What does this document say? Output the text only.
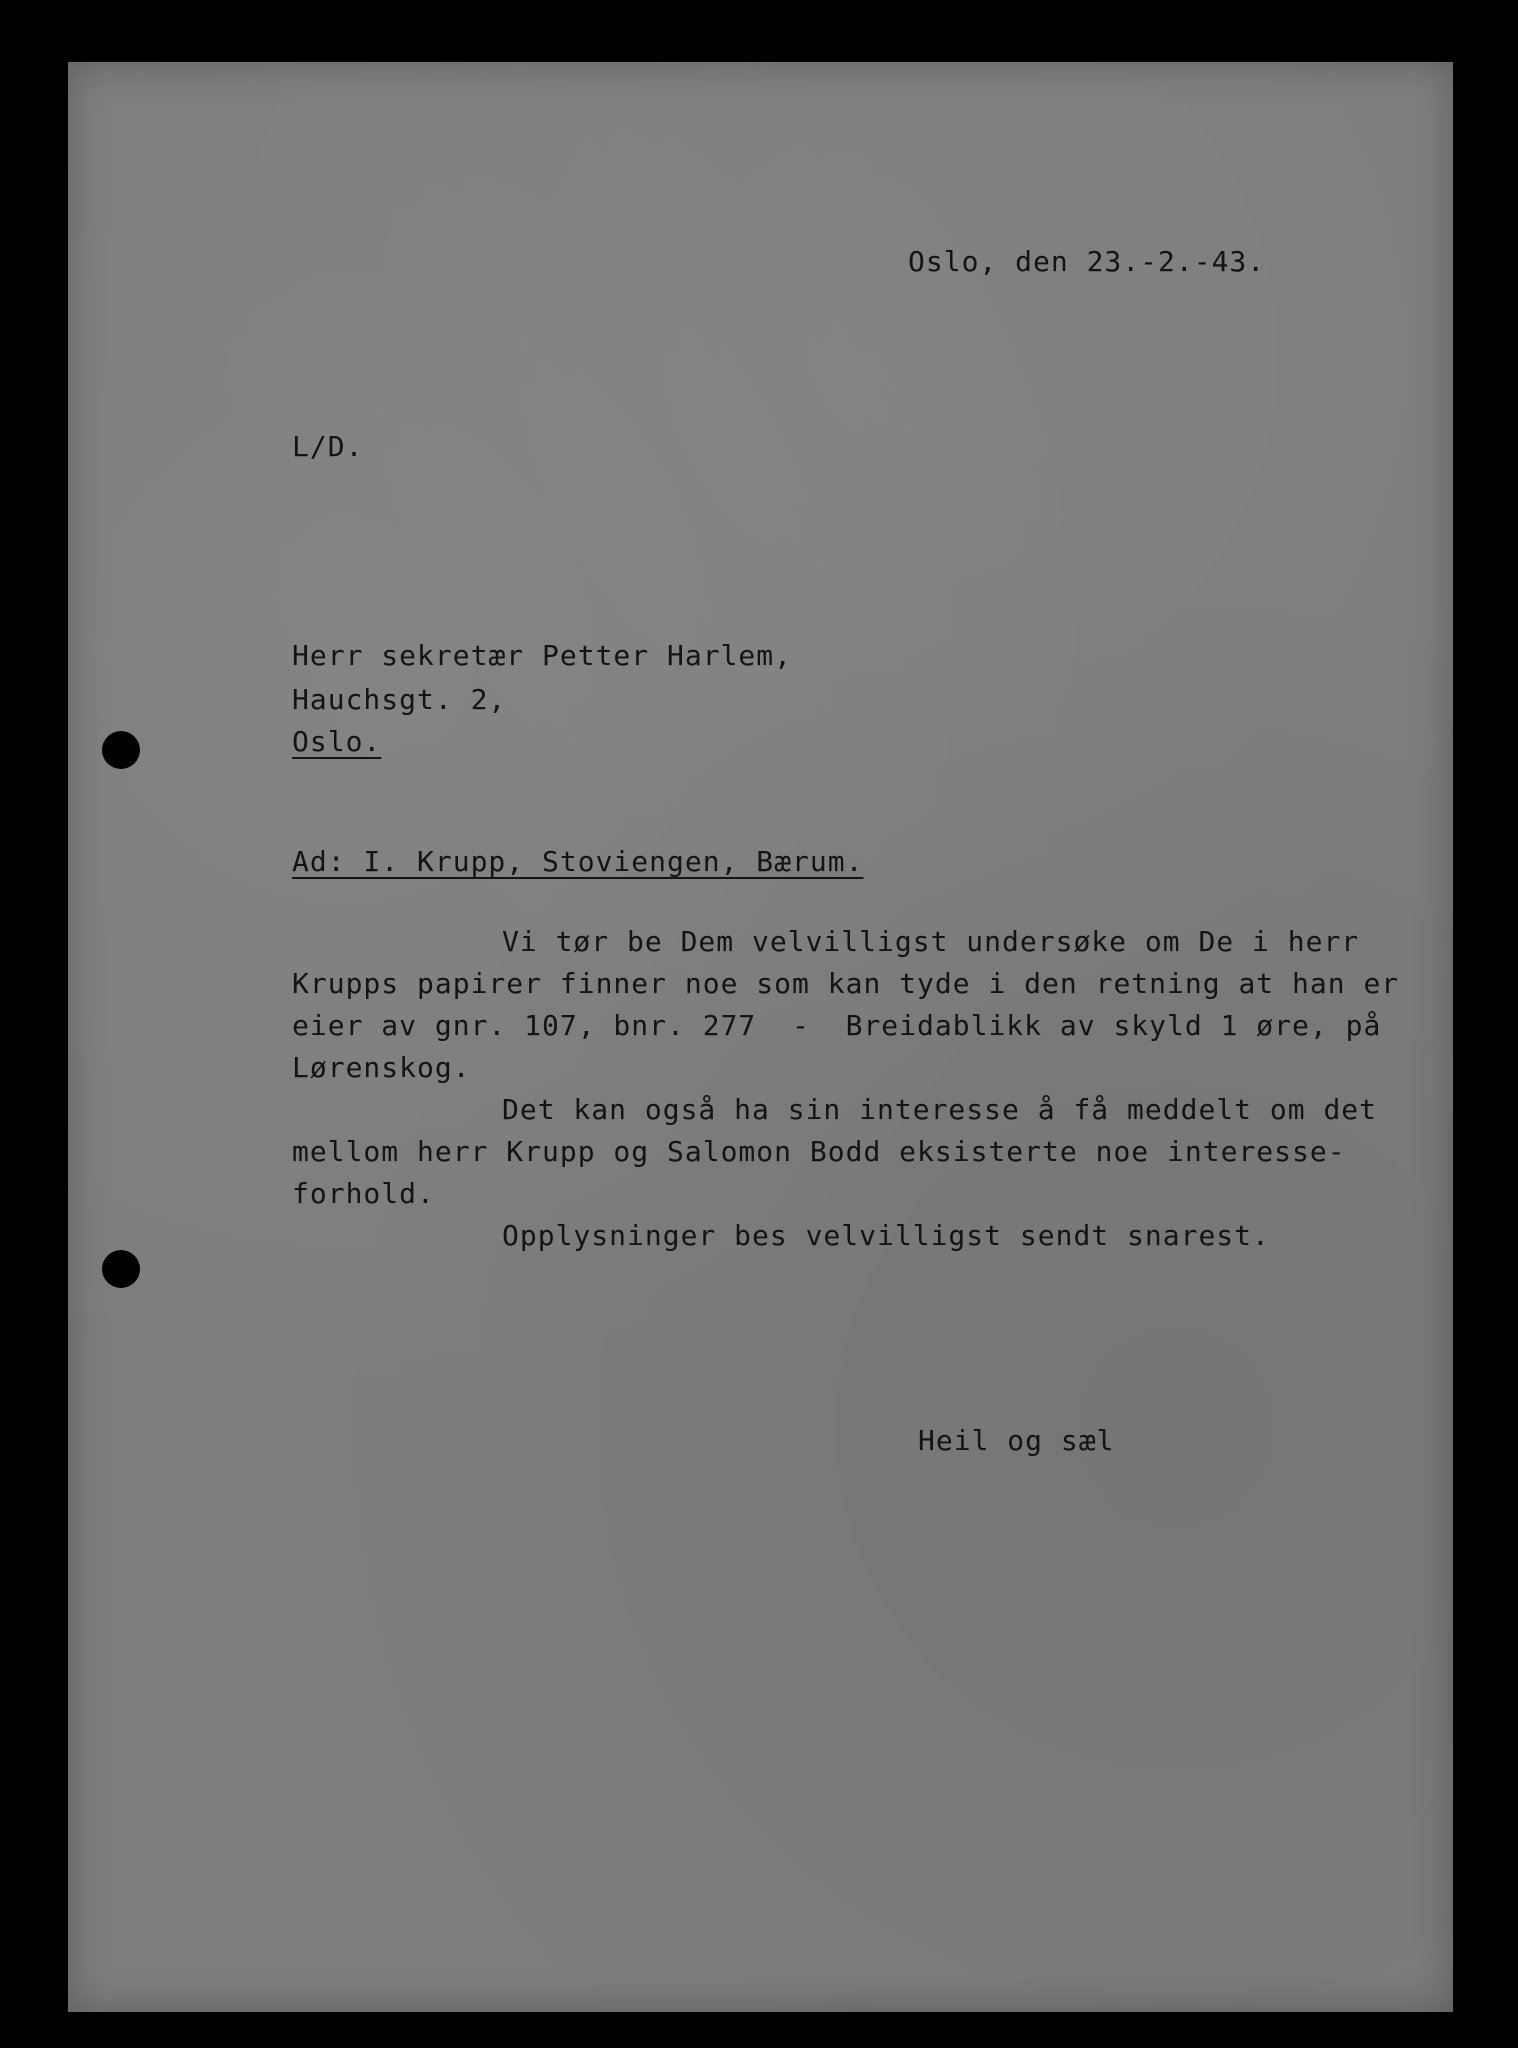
Oslo, den 23.-2.-43.
L/D.
Herr sekretær Petter Harlem,
Hauchsgt. 2,
Oslo.
Ad: I. Krupp, Stoviengen, Bærum.
Vi tør be Dem velvilligst undersøke om De i herr
Krupps papirer finner noe som kan tyde i den retning at han er
eier av gnr. 107, bnr. 277  -  Breidablikk av skyld 1 øre, på
Lørenskog.
Det kan også ha sin interesse å få meddelt om det
mellom herr Krupp og Salomon Bodd eksisterte noe interesse-
forhold.
Opplysninger bes velvilligst sendt snarest.
Heil og sæl
